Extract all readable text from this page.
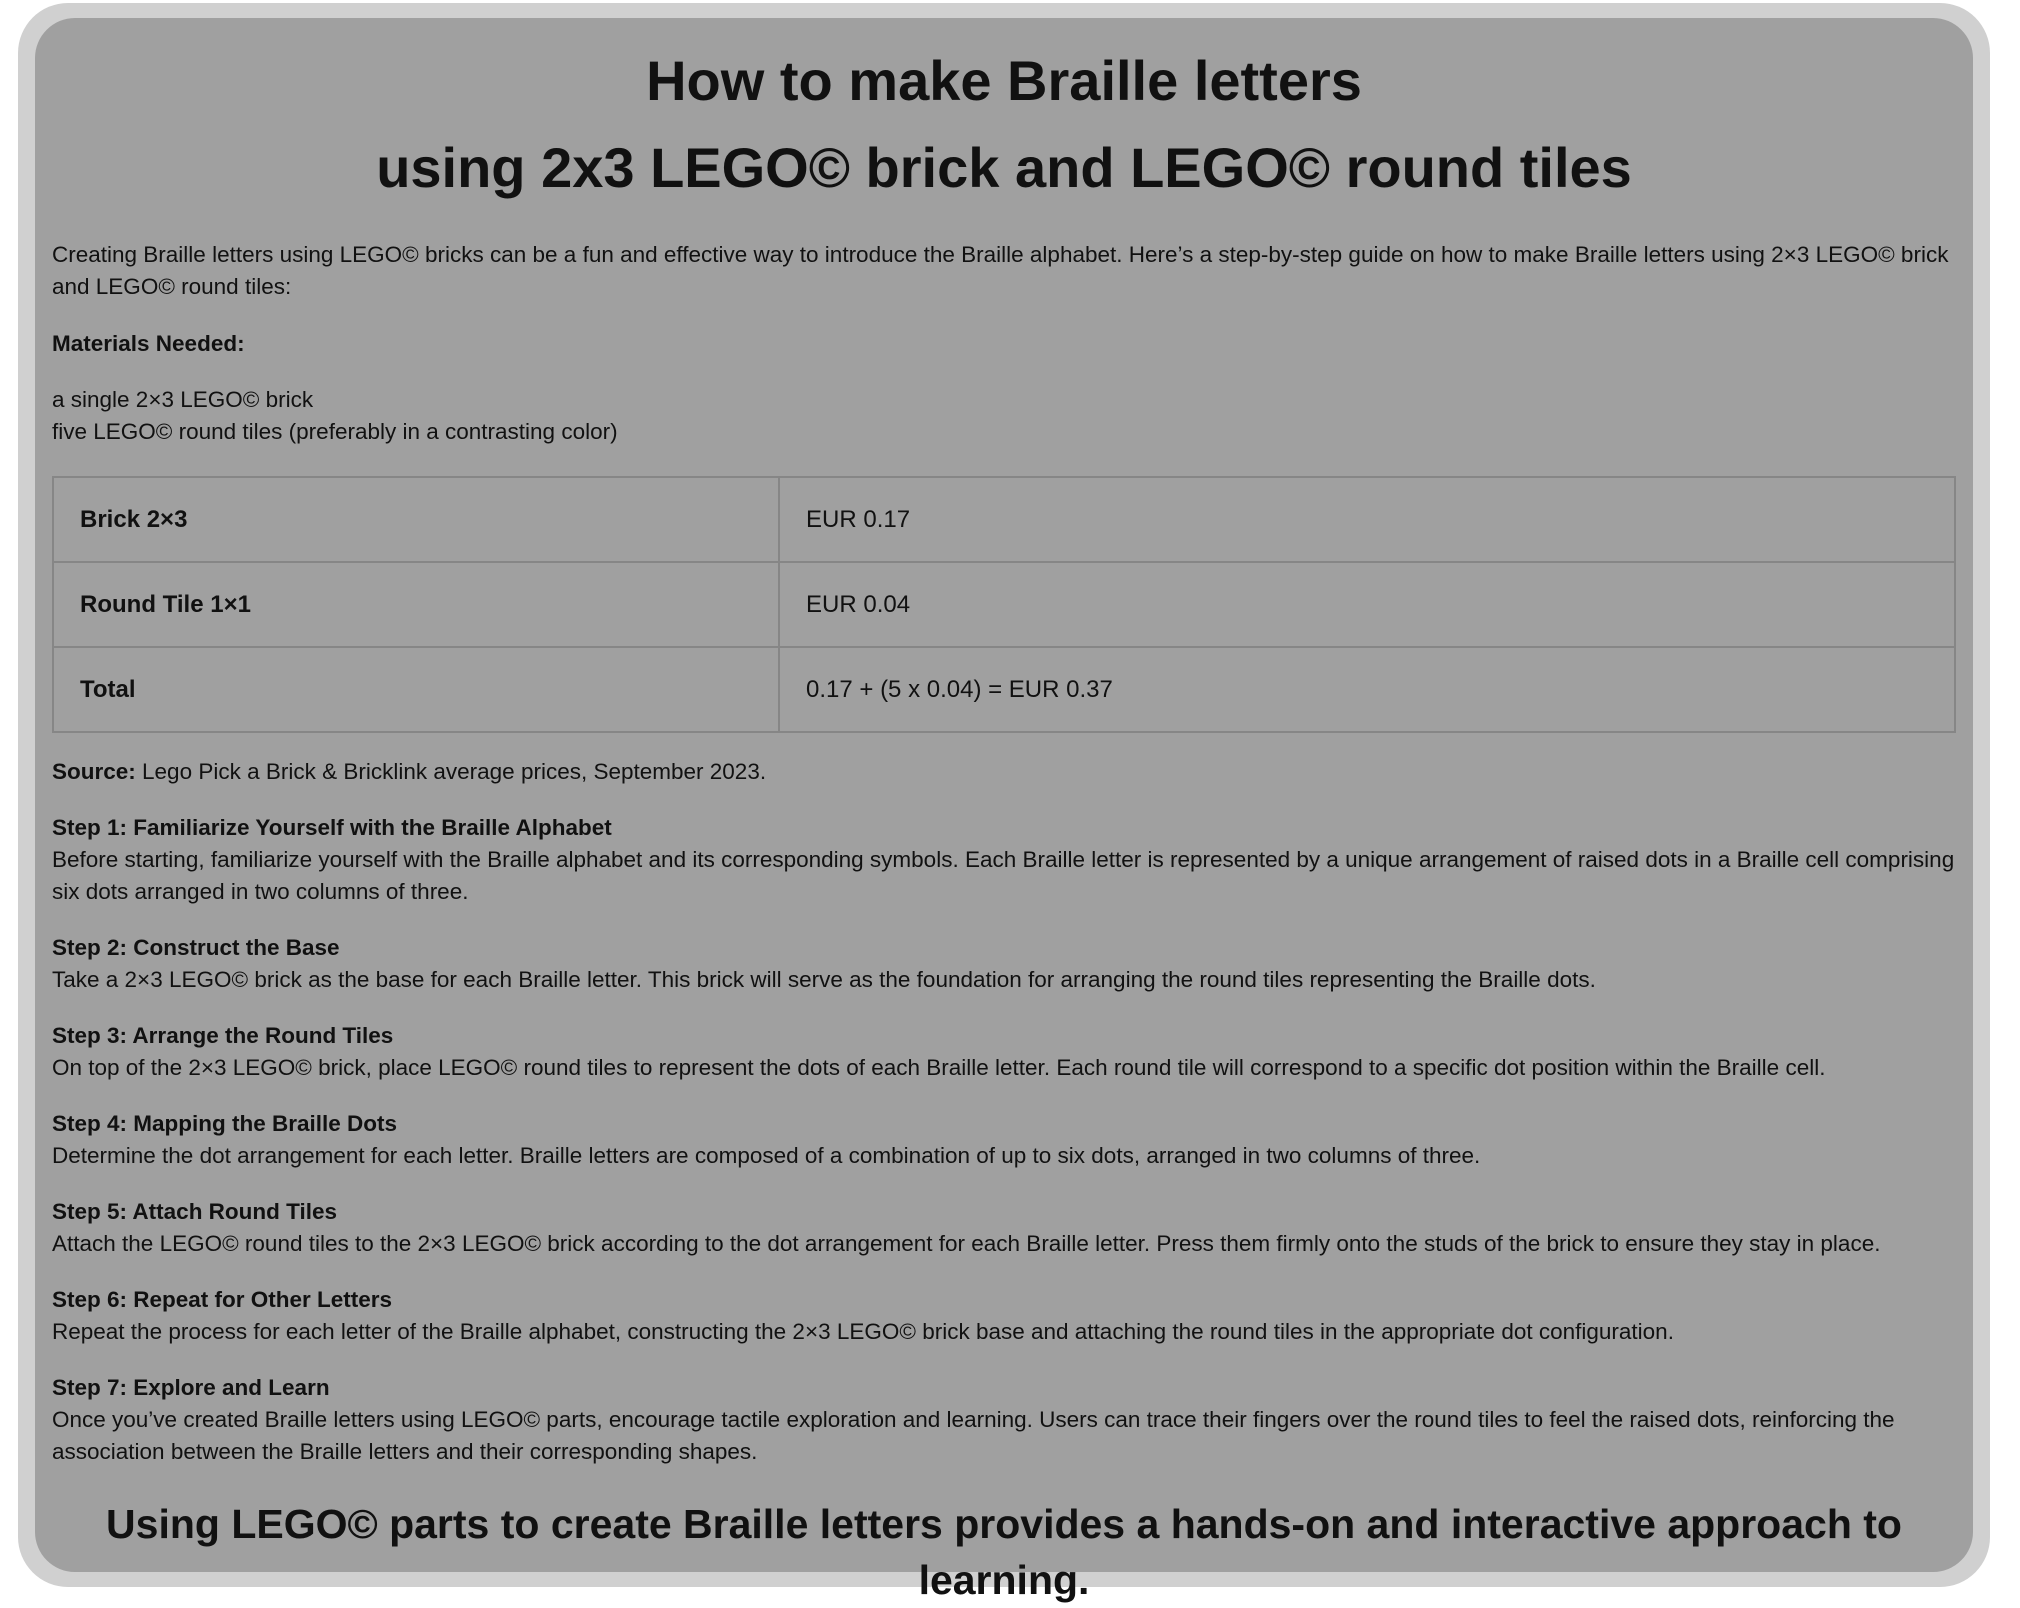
How to make Braille letters
using 2x3 LEGO© brick and LEGO© round tiles

Creating Braille letters using LEGO© bricks can be a fun and effective way to introduce the Braille alphabet. Here’s a step-by-step guide on how to make Braille letters using 2×3 LEGO© brick and LEGO© round tiles:

Materials Needed:

a single 2×3 LEGO© brick
five LEGO© round tiles (preferably in a contrasting color)
Brick 2×3	EUR 0.17
Round Tile 1×1	EUR 0.04
Total	0.17 + (5 x 0.04) = EUR 0.37

Source: Lego Pick a Brick & Bricklink average prices, September 2023.

Step 1: Familiarize Yourself with the Braille Alphabet
Before starting, familiarize yourself with the Braille alphabet and its corresponding symbols. Each Braille letter is represented by a unique arrangement of raised dots in a Braille cell comprising six dots arranged in two columns of three.
Step 2: Construct the Base
Take a 2×3 LEGO© brick as the base for each Braille letter. This brick will serve as the foundation for arranging the round tiles representing the Braille dots.
Step 3: Arrange the Round Tiles
On top of the 2×3 LEGO© brick, place LEGO© round tiles to represent the dots of each Braille letter. Each round tile will correspond to a specific dot position within the Braille cell.
Step 4: Mapping the Braille Dots
Determine the dot arrangement for each letter. Braille letters are composed of a combination of up to six dots, arranged in two columns of three.
Step 5: Attach Round Tiles
Attach the LEGO© round tiles to the 2×3 LEGO© brick according to the dot arrangement for each Braille letter. Press them firmly onto the studs of the brick to ensure they stay in place.
Step 6: Repeat for Other Letters
Repeat the process for each letter of the Braille alphabet, constructing the 2×3 LEGO© brick base and attaching the round tiles in the appropriate dot configuration.
Step 7: Explore and Learn
Once you’ve created Braille letters using LEGO© parts, encourage tactile exploration and learning. Users can trace their fingers over the round tiles to feel the raised dots, reinforcing the association between the Braille letters and their corresponding shapes.

Using LEGO© parts to create Braille letters provides a hands-on and interactive approach to learning.
